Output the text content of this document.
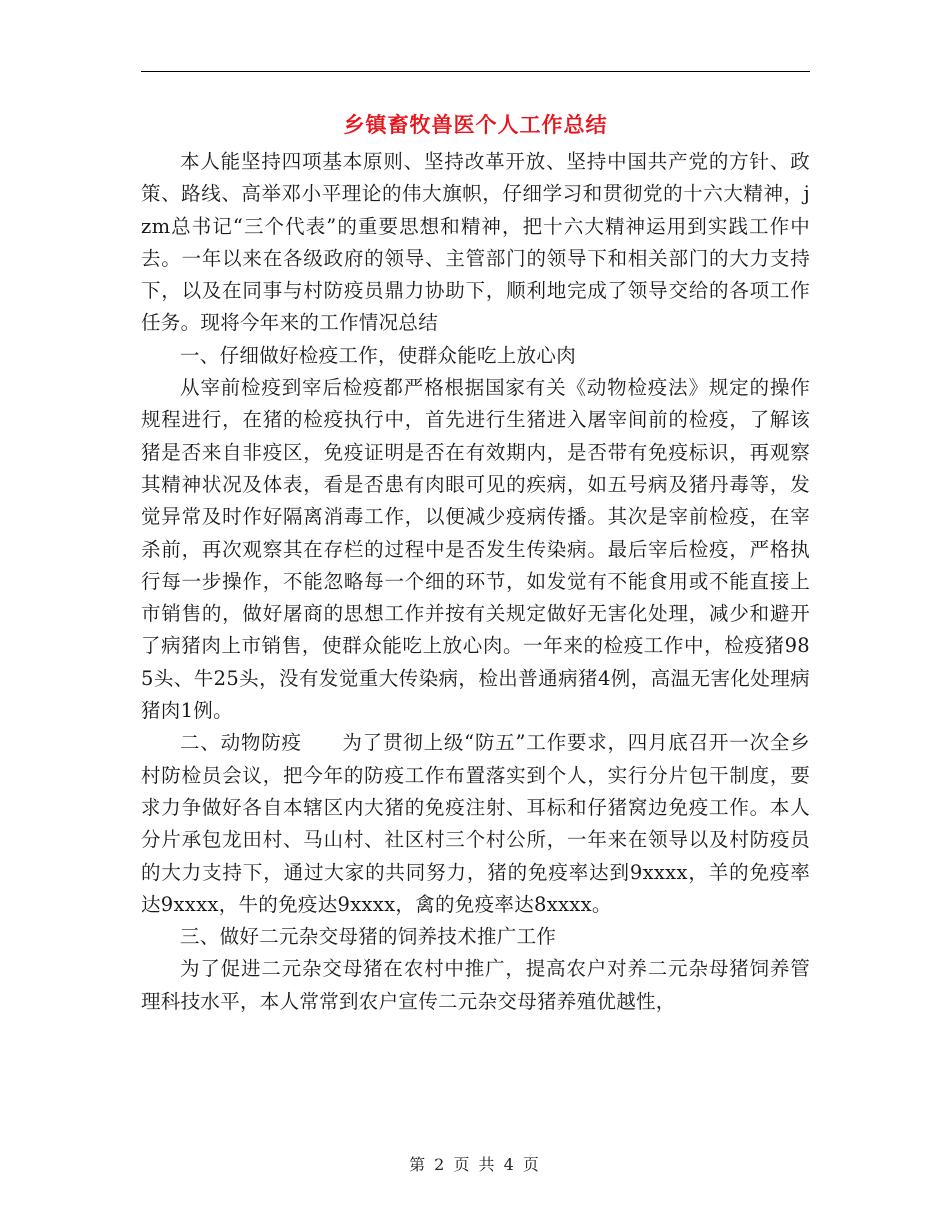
乡镇畜牧兽医个人工作总结

本人能坚持四项基本原则、坚持改革开放、坚持中国共产党的方针、政策、路线、高举邓小平理论的伟大旗帜，仔细学习和贯彻党的十六大精神，jzm总书记“三个代表”的重要思想和精神，把十六大精神运用到实践工作中去。一年以来在各级政府的领导、主管部门的领导下和相关部门的大力支持下，以及在同事与村防疫员鼎力协助下，顺利地完成了领导交给的各项工作任务。现将今年来的工作情况总结

一、仔细做好检疫工作，使群众能吃上放心肉

从宰前检疫到宰后检疫都严格根据国家有关《动物检疫法》规定的操作规程进行，在猪的检疫执行中，首先进行生猪进入屠宰间前的检疫，了解该猪是否来自非疫区，免疫证明是否在有效期内，是否带有免疫标识，再观察其精神状况及体表，看是否患有肉眼可见的疾病，如五号病及猪丹毒等，发觉异常及时作好隔离消毒工作，以便减少疫病传播。其次是宰前检疫，在宰杀前，再次观察其在存栏的过程中是否发生传染病。最后宰后检疫，严格执行每一步操作，不能忽略每一个细的环节，如发觉有不能食用或不能直接上市销售的，做好屠商的思想工作并按有关规定做好无害化处理，减少和避开了病猪肉上市销售，使群众能吃上放心肉。一年来的检疫工作中，检疫猪985头、牛25头，没有发觉重大传染病，检出普通病猪4例，高温无害化处理病猪肉1例。

二、动物防疫　　为了贯彻上级“防五”工作要求，四月底召开一次全乡村防检员会议，把今年的防疫工作布置落实到个人，实行分片包干制度，要求力争做好各自本辖区内大猪的免疫注射、耳标和仔猪窝边免疫工作。本人分片承包龙田村、马山村、社区村三个村公所，一年来在领导以及村防疫员的大力支持下，通过大家的共同努力，猪的免疫率达到9xxxx，羊的免疫率达9xxxx，牛的免疫达9xxxx，禽的免疫率达8xxxx。

三、做好二元杂交母猪的饲养技术推广工作

为了促进二元杂交母猪在农村中推广，提高农户对养二元杂母猪饲养管理科技水平，本人常常到农户宣传二元杂交母猪养殖优越性，

第 2 页 共 4 页
